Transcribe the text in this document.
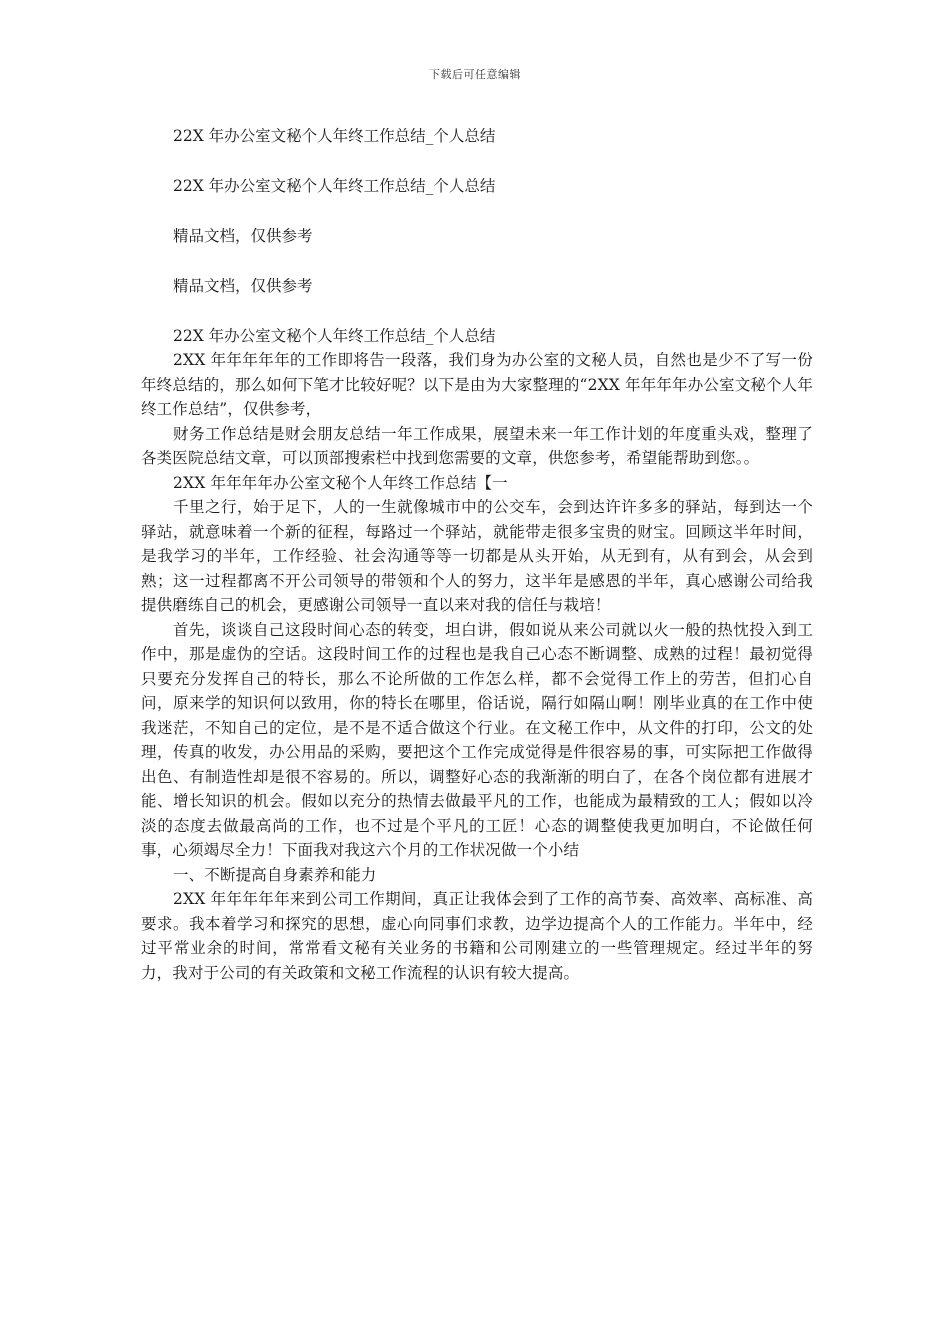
下载后可任意编辑

22X 年办公室文秘个人年终工作总结_个人总结

22X 年办公室文秘个人年终工作总结_个人总结

精品文档，仅供参考

精品文档，仅供参考

22X 年办公室文秘个人年终工作总结_个人总结

2XX 年年年年年的工作即将告一段落，我们身为办公室的文秘人员，自然也是少不了写一份年终总结的，那么如何下笔才比较好呢？以下是由为大家整理的“2XX 年年年年办公室文秘个人年终工作总结”，仅供参考，

财务工作总结是财会朋友总结一年工作成果，展望未来一年工作计划的年度重头戏，整理了各类医院总结文章，可以顶部搜索栏中找到您需要的文章，供您参考，希望能帮助到您。。

2XX 年年年年办公室文秘个人年终工作总结【一

千里之行，始于足下，人的一生就像城市中的公交车，会到达许许多多的驿站，每到达一个驿站，就意味着一个新的征程，每路过一个驿站，就能带走很多宝贵的财宝。回顾这半年时间，是我学习的半年，工作经验、社会沟通等等一切都是从头开始，从无到有，从有到会，从会到熟；这一过程都离不开公司领导的带领和个人的努力，这半年是感恩的半年，真心感谢公司给我提供磨练自己的机会，更感谢公司领导一直以来对我的信任与栽培！

首先，谈谈自己这段时间心态的转变，坦白讲，假如说从来公司就以火一般的热忱投入到工作中，那是虚伪的空话。这段时间工作的过程也是我自己心态不断调整、成熟的过程！最初觉得只要充分发挥自己的特长，那么不论所做的工作怎么样，都不会觉得工作上的劳苦，但扪心自问，原来学的知识何以致用，你的特长在哪里，俗话说，隔行如隔山啊！刚毕业真的在工作中使我迷茫，不知自己的定位，是不是不适合做这个行业。在文秘工作中，从文件的打印，公文的处理，传真的收发，办公用品的采购，要把这个工作完成觉得是件很容易的事，可实际把工作做得出色、有制造性却是很不容易的。所以，调整好心态的我渐渐的明白了，在各个岗位都有进展才能、增长知识的机会。假如以充分的热情去做最平凡的工作，也能成为最精致的工人；假如以冷淡的态度去做最高尚的工作，也不过是个平凡的工匠！心态的调整使我更加明白，不论做任何事，心须竭尽全力！下面我对我这六个月的工作状况做一个小结

一、不断提高自身素养和能力

2XX 年年年年年来到公司工作期间，真正让我体会到了工作的高节奏、高效率、高标准、高要求。我本着学习和探究的思想，虚心向同事们求教，边学边提高个人的工作能力。半年中，经过平常业余的时间，常常看文秘有关业务的书籍和公司刚建立的一些管理规定。经过半年的努力，我对于公司的有关政策和文秘工作流程的认识有较大提高。
